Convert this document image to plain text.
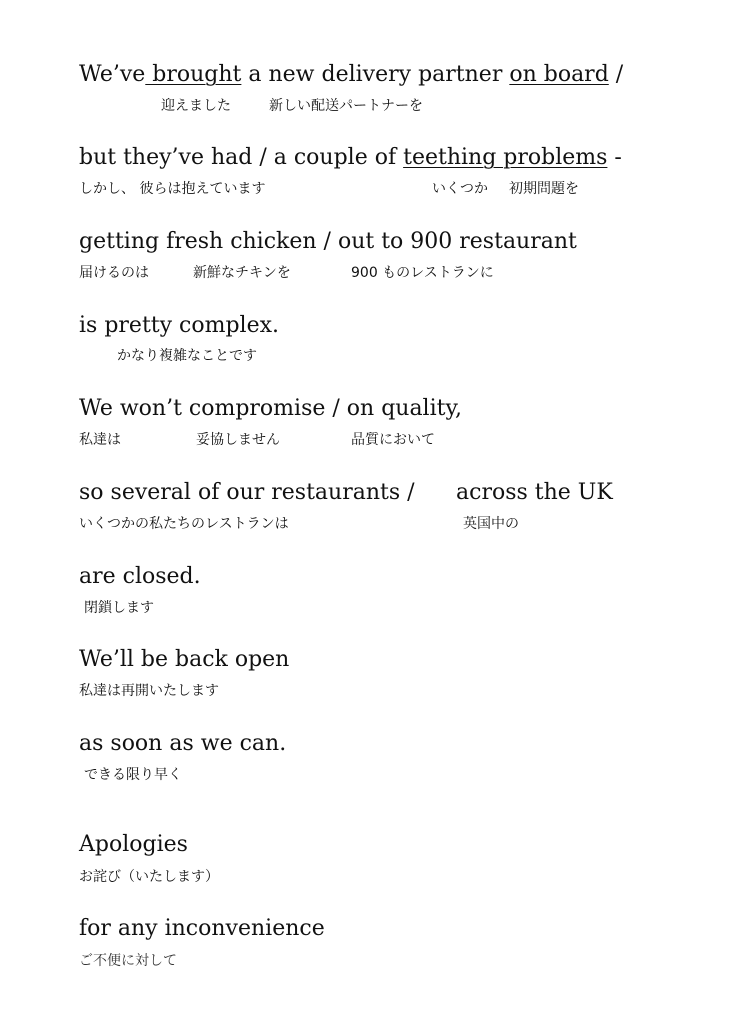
We’ve brought a new delivery partner on board /
迎えました	新しい配送パートナーを
but they’ve had / a couple of teething problems -
しかし、 彼らは抱えています	いくつか 初期問題を
getting fresh chicken / out to 900 restaurant
届けるのは	新鮮なチキンを	900 ものレストランに
is pretty complex.
かなり複雑なことです
We won’t compromise / on quality,
私達は	妥協しません	品質において
so several of our restaurants / across the UK
いくつかの私たちのレストランは	英国中の
are closed.
閉鎖します
We’ll be back open
私達は再開いたします
as soon as we can.
できる限り早く
Apologies
お詫び（いたします）
for any inconvenience
ご不便に対して
